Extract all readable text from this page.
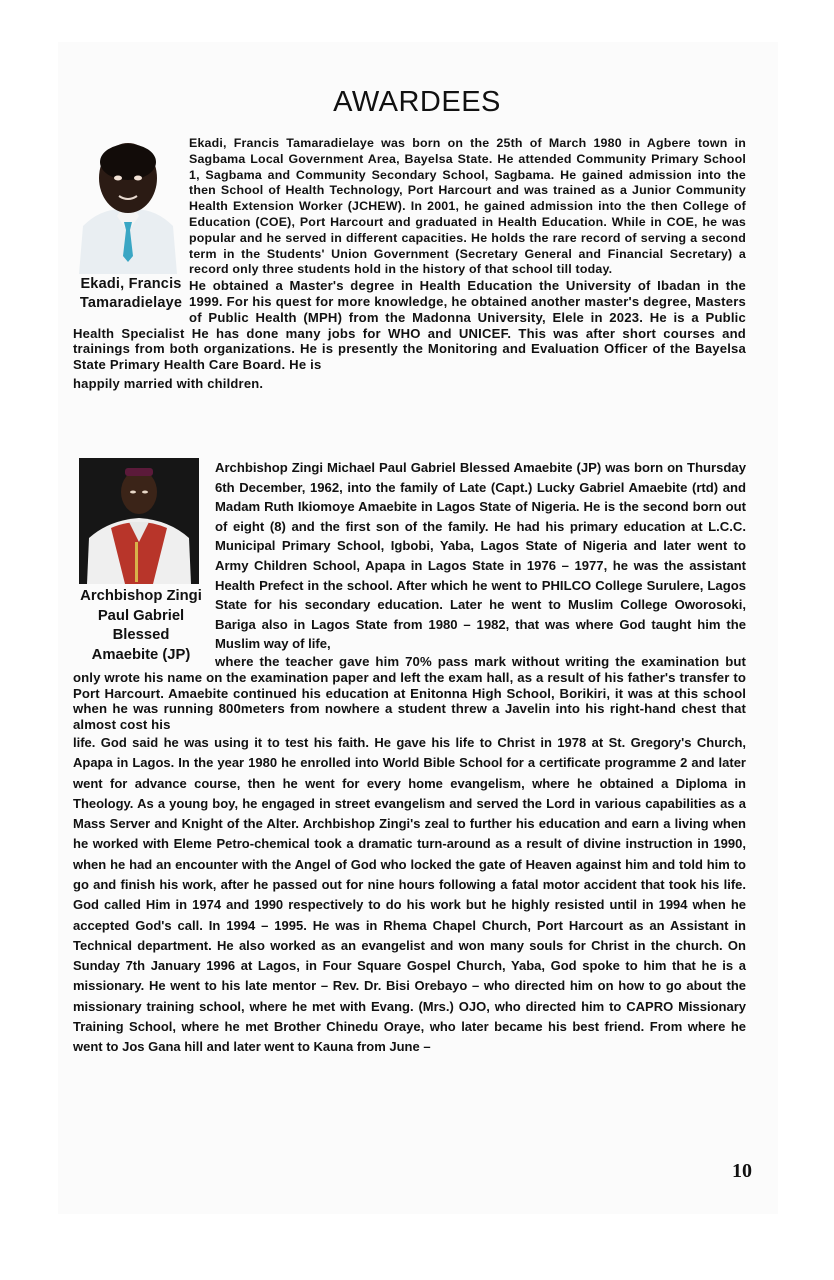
AWARDEES
Ekadi, Francis
Tamaradielaye

Ekadi, Francis Tamaradielaye was born on the 25th of March 1980 in Agbere town in Sagbama Local Government Area, Bayelsa State. He attended Community Primary School 1, Sagbama and Community Secondary School, Sagbama. He gained admission into the then School of Health Technology, Port Harcourt and was trained as a Junior Community Health Extension Worker (JCHEW). In 2001, he gained admission into the then College of Education (COE), Port Harcourt and graduated in Health Education. While in COE, he was popular and he served in different capacities. He holds the rare record of serving a second term in the Students' Union Government (Secretary General and Financial Secretary) a record only three students hold in the history of that school till today.

He obtained a Master's degree in Health Education the University of Ibadan in the 1999. For his quest for more knowledge, he obtained another master's degree, Masters of Public Health (MPH) from the Madonna University, Elele in 2023. He is a Public Health Specialist He has done many jobs for WHO and UNICEF. This was after short courses and trainings from both organizations. He is presently the Monitoring and Evaluation Officer of the Bayelsa State Primary Health Care Board. He is

happily married with children.

Archbishop Zingi
Paul Gabriel Blessed
Amaebite (JP)

Archbishop Zingi Michael Paul Gabriel Blessed Amaebite (JP) was born on Thursday 6th December, 1962, into the family of Late (Capt.) Lucky Gabriel Amaebite (rtd) and Madam Ruth Ikiomoye Amaebite in Lagos State of Nigeria. He is the second born out of eight (8) and the first son of the family. He had his primary education at L.C.C. Municipal Primary School, Igbobi, Yaba, Lagos State of Nigeria and later went to Army Children School, Apapa in Lagos State in 1976 – 1977, he was the assistant Health Prefect in the school. After which he went to PHILCO College Surulere, Lagos State for his secondary education. Later he went to Muslim College Oworosoki, Bariga also in Lagos State from 1980 – 1982, that was where God taught him the Muslim way of life,

where the teacher gave him 70% pass mark without writing the examination but only wrote his name on the examination paper and left the exam hall, as a result of his father's transfer to Port Harcourt. Amaebite continued his education at Enitonna High School, Borikiri, it was at this school when he was running 800meters from nowhere a student threw a Javelin into his right-hand chest that almost cost his

life. God said he was using it to test his faith. He gave his life to Christ in 1978 at St. Gregory's Church, Apapa in Lagos. In the year 1980 he enrolled into World Bible School for a certificate programme 2 and later went for advance course, then he went for every home evangelism, where he obtained a Diploma in Theology. As a young boy, he engaged in street evangelism and served the Lord in various capabilities as a Mass Server and Knight of the Alter. Archbishop Zingi's zeal to further his education and earn a living when he worked with Eleme Petro-chemical took a dramatic turn-around as a result of divine instruction in 1990, when he had an encounter with the Angel of God who locked the gate of Heaven against him and told him to go and finish his work, after he passed out for nine hours following a fatal motor accident that took his life. God called Him in 1974 and 1990 respectively to do his work but he highly resisted until in 1994 when he accepted God's call. In 1994 – 1995. He was in Rhema Chapel Church, Port Harcourt as an Assistant in Technical department. He also worked as an evangelist and won many souls for Christ in the church. On Sunday 7th January 1996 at Lagos, in Four Square Gospel Church, Yaba, God spoke to him that he is a missionary. He went to his late mentor – Rev. Dr. Bisi Orebayo – who directed him on how to go about the missionary training school, where he met with Evang. (Mrs.) OJO, who directed him to CAPRO Missionary Training School, where he met Brother Chinedu Oraye, who later became his best friend. From where he went to Jos Gana hill and later went to Kauna from June –

10
